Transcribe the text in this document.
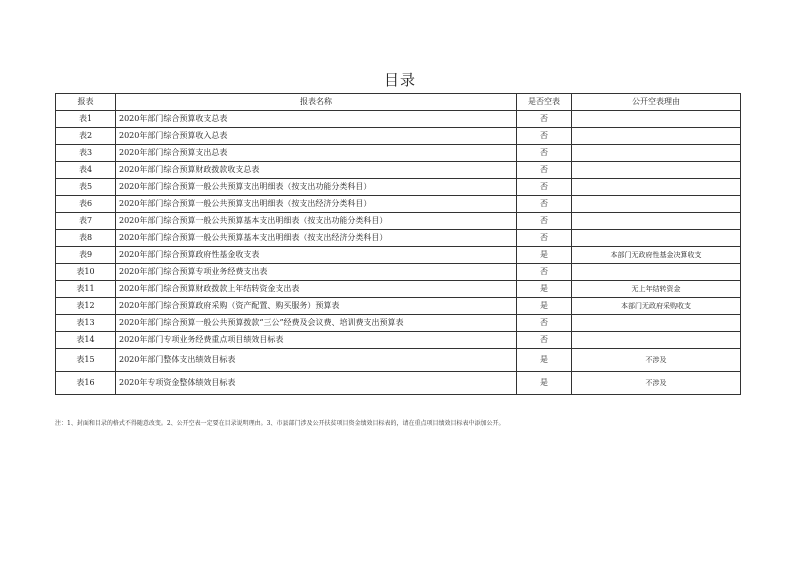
目录
报表	报表名称	是否空表	公开空表理由
表1	2020年部门综合预算收支总表	否	
表2	2020年部门综合预算收入总表	否	
表3	2020年部门综合预算支出总表	否	
表4	2020年部门综合预算财政拨款收支总表	否	
表5	2020年部门综合预算一般公共预算支出明细表（按支出功能分类科目）	否	
表6	2020年部门综合预算一般公共预算支出明细表（按支出经济分类科目）	否	
表7	2020年部门综合预算一般公共预算基本支出明细表（按支出功能分类科目）	否	
表8	2020年部门综合预算一般公共预算基本支出明细表（按支出经济分类科目）	否	
表9	2020年部门综合预算政府性基金收支表	是	本部门无政府性基金决算收支
表10	2020年部门综合预算专项业务经费支出表	否	
表11	2020年部门综合预算财政拨款上年结转资金支出表	是	无上年结转资金
表12	2020年部门综合预算政府采购（资产配置、购买服务）预算表	是	本部门无政府采购收支
表13	2020年部门综合预算一般公共预算拨款“三公”经费及会议费、培训费支出预算表	否	
表14	2020年部门专项业务经费重点项目绩效目标表	否	
表15	2020年部门整体支出绩效目标表	是	不涉及
表16	2020年专项资金整体绩效目标表	是	不涉及
注：1、封面和目录的格式不得随意改变。2、公开空表一定要在目录说明理由。3、市县部门涉及公开扶贫项目资金绩效目标表的，请在重点项目绩效目标表中添加公开。
